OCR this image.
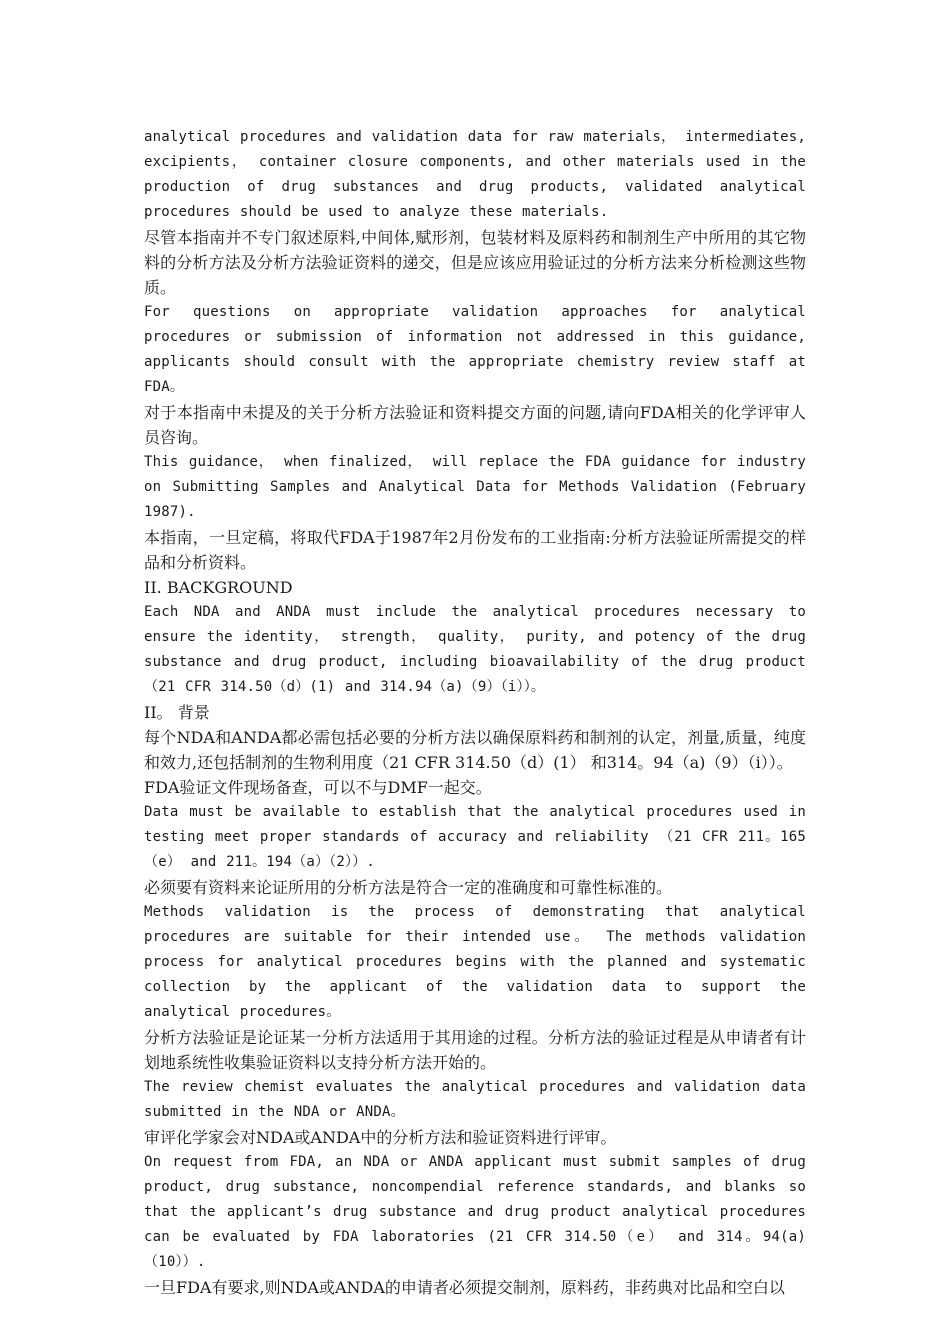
analytical procedures and validation data for raw materials， intermediates, excipients， container closure components, and other materials used in the production of drug substances and drug products, validated analytical procedures should be used to analyze these materials.

尽管本指南并不专门叙述原料,中间体,赋形剂，包装材料及原料药和制剂生产中所用的其它物料的分析方法及分析方法验证资料的递交，但是应该应用验证过的分析方法来分析检测这些物质。

For questions on appropriate validation approaches for analytical procedures or submission of information not addressed in this guidance, applicants should consult with the appropriate chemistry review staff at FDA。

对于本指南中未提及的关于分析方法验证和资料提交方面的问题,请向FDA相关的化学评审人员咨询。

This guidance， when finalized， will replace the FDA guidance for industry on Submitting Samples and Analytical Data for Methods Validation (February 1987).

本指南，一旦定稿，将取代FDA于1987年2月份发布的工业指南:分析方法验证所需提交的样品和分析资料。

II. BACKGROUND

Each NDA and ANDA must include the analytical procedures necessary to ensure the identity， strength， quality， purity, and potency of the drug substance and drug product, including bioavailability of the drug product （21 CFR 314.50（d）(1) and 314.94（a)（9）（i））。

II。 背景

每个NDA和ANDA都必需包括必要的分析方法以确保原料药和制剂的认定，剂量,质量，纯度和效力,还包括制剂的生物利用度（21 CFR 314.50（d）(1） 和314。94（a)（9）（i））。

FDA验证文件现场备查，可以不与DMF一起交。

Data must be available to establish that the analytical procedures used in testing meet proper standards of accuracy and reliability （21 CFR 211。165（e） and 211。194（a）（2））.

必须要有资料来论证所用的分析方法是符合一定的准确度和可靠性标准的。

Methods validation is the process of demonstrating that analytical procedures are suitable for their intended use。 The methods validation process for analytical procedures begins with the planned and systematic collection by the applicant of the validation data to support the analytical procedures。

分析方法验证是论证某一分析方法适用于其用途的过程。分析方法的验证过程是从申请者有计划地系统性收集验证资料以支持分析方法开始的。

The review chemist evaluates the analytical procedures and validation data submitted in the NDA or ANDA。

审评化学家会对NDA或ANDA中的分析方法和验证资料进行评审。

On request from FDA, an NDA or ANDA applicant must submit samples of drug product, drug substance, noncompendial reference standards, and blanks so that the applicant’s drug substance and drug product analytical procedures can be evaluated by FDA laboratories (21 CFR 314.50（e） and 314。94(a)（10））.

一旦FDA有要求,则NDA或ANDA的申请者必须提交制剂，原料药，非药典对比品和空白以
